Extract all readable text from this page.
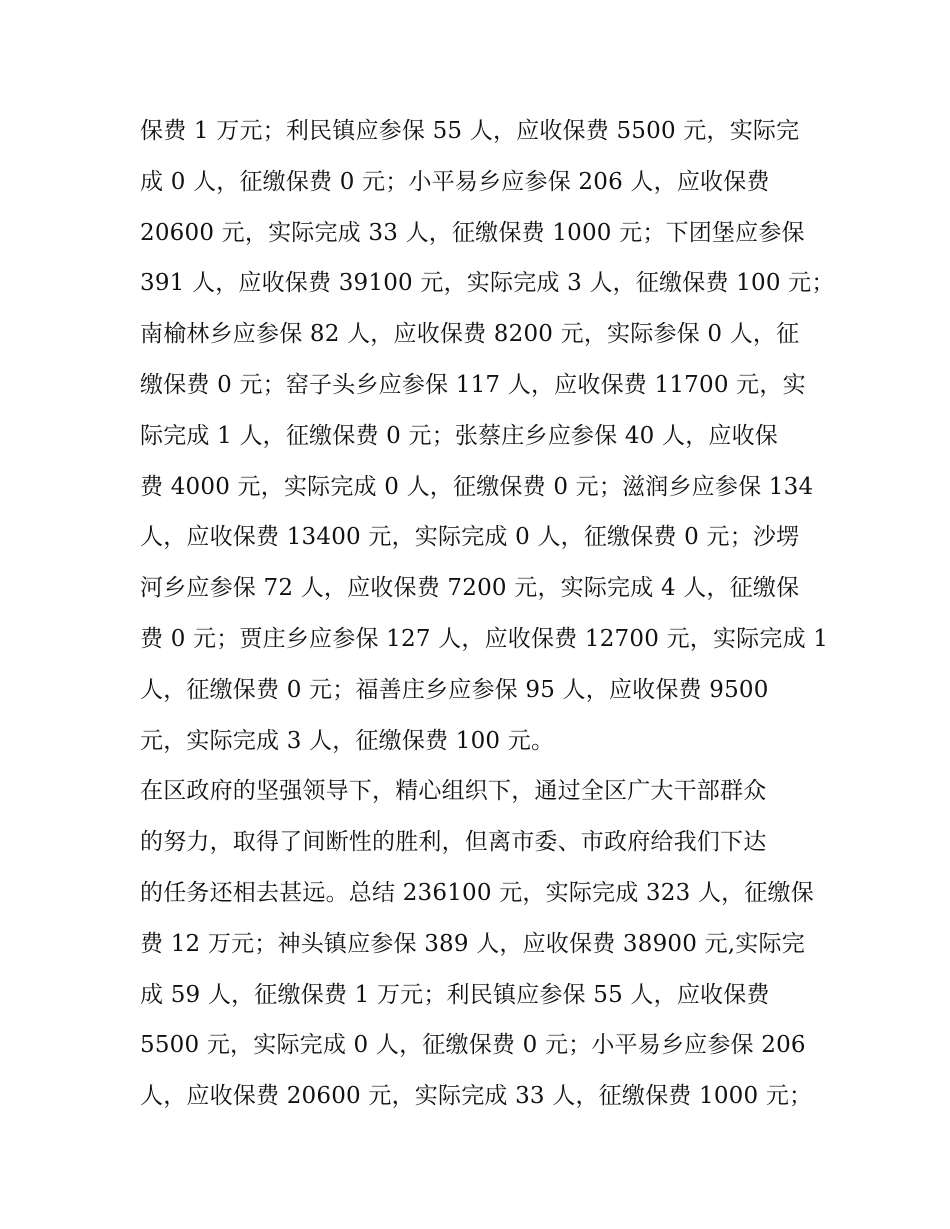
保费 1 万元；利民镇应参保 55 人，应收保费 5500 元，实际完
成 0 人，征缴保费 0 元；小平易乡应参保 206 人，应收保费
20600 元，实际完成 33 人，征缴保费 1000 元；下团堡应参保
391 人，应收保费 39100 元，实际完成 3 人，征缴保费 100 元；
南榆林乡应参保 82 人，应收保费 8200 元，实际参保 0 人，征
缴保费 0 元；窑子头乡应参保 117 人，应收保费 11700 元，实
际完成 1 人，征缴保费 0 元；张蔡庄乡应参保 40 人，应收保
费 4000 元，实际完成 0 人，征缴保费 0 元；滋润乡应参保 134
人，应收保费 13400 元，实际完成 0 人，征缴保费 0 元；沙塄
河乡应参保 72 人，应收保费 7200 元，实际完成 4 人，征缴保
费 0 元；贾庄乡应参保 127 人，应收保费 12700 元，实际完成 1
人，征缴保费 0 元；福善庄乡应参保 95 人，应收保费 9500
元，实际完成 3 人，征缴保费 100 元。
在区政府的坚强领导下，精心组织下，通过全区广大干部群众
的努力，取得了间断性的胜利，但离市委、市政府给我们下达
的任务还相去甚远。总结 236100 元，实际完成 323 人，征缴保
费 12 万元；神头镇应参保 389 人，应收保费 38900 元,实际完
成 59 人，征缴保费 1 万元；利民镇应参保 55 人，应收保费
5500 元，实际完成 0 人，征缴保费 0 元；小平易乡应参保 206
人，应收保费 20600 元，实际完成 33 人，征缴保费 1000 元；
